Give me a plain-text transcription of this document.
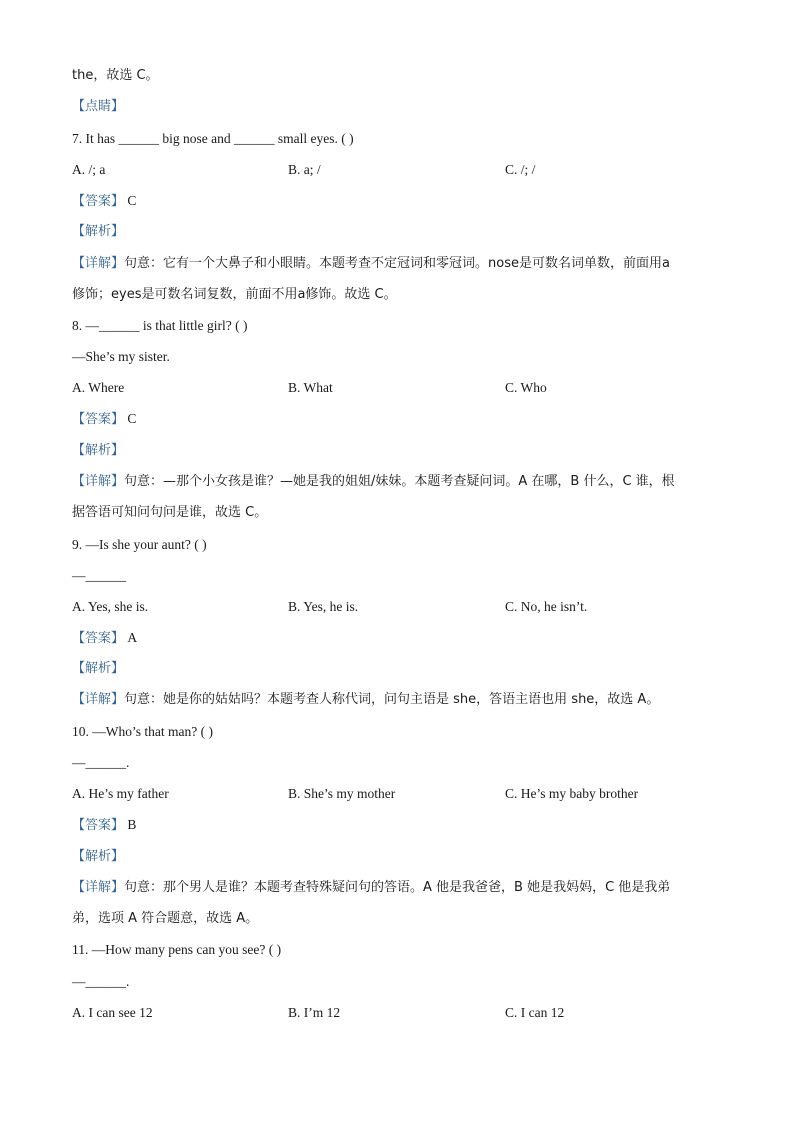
the，故选 C。
【点睛】
7. It has ______ big nose and ______ small eyes. ( )
A. /; a	B. a; /	C. /; /
【答案】 C
【解析】
【详解】句意：它有一个大鼻子和小眼睛。本题考查不定冠词和零冠词。nose是可数名词单数，前面用a
修饰；eyes是可数名词复数，前面不用a修饰。故选 C。
8. —______ is that little girl? ( )
—She’s my sister.
A. Where	B. What	C. Who
【答案】 C
【解析】
【详解】句意：—那个小女孩是谁？—她是我的姐姐/妹妹。本题考查疑问词。A 在哪，B 什么，C 谁，根
据答语可知问句问是谁，故选 C。
9. —Is she your aunt? ( )
—______
A. Yes, she is.	B. Yes, he is.	C. No, he isn’t.
【答案】 A
【解析】
【详解】句意：她是你的姑姑吗？本题考查人称代词，问句主语是 she，答语主语也用 she，故选 A。
10. —Who’s that man? ( )
—______.
A. He’s my father	B. She’s my mother	C. He’s my baby brother
【答案】 B
【解析】
【详解】句意：那个男人是谁？本题考查特殊疑问句的答语。A 他是我爸爸，B 她是我妈妈，C 他是我弟
弟，选项 A 符合题意，故选 A。
11. —How many pens can you see? ( )
—______.
A. I can see 12	B. I’m 12	C. I can 12
